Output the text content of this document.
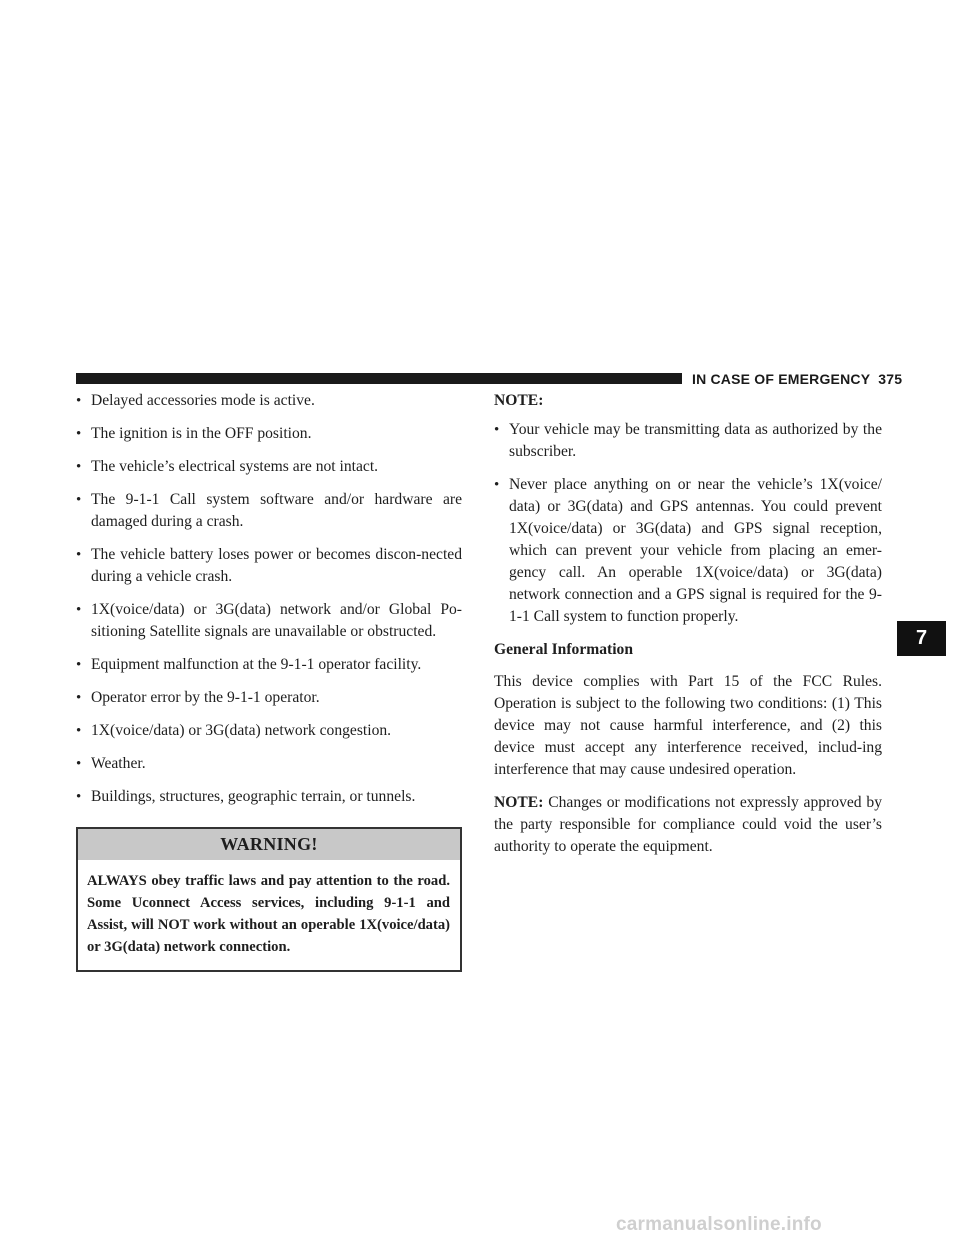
IN CASE OF EMERGENCY 375
• Delayed accessories mode is active.
• The ignition is in the OFF position.
• The vehicle’s electrical systems are not intact.
• The 9-1-1 Call system software and/or hardware are damaged during a crash.
• The vehicle battery loses power or becomes discon-nected during a vehicle crash.
• 1X(voice/data) or 3G(data) network and/or Global Po-sitioning Satellite signals are unavailable or obstructed.
• Equipment malfunction at the 9-1-1 operator facility.
• Operator error by the 9-1-1 operator.
• 1X(voice/data) or 3G(data) network congestion.
• Weather.
• Buildings, structures, geographic terrain, or tunnels.
WARNING!
ALWAYS obey traffic laws and pay attention to the road. Some Uconnect Access services, including 9-1-1 and Assist, will NOT work without an operable 1X(voice/data) or 3G(data) network connection.
NOTE:
• Your vehicle may be transmitting data as authorized by the subscriber.
• Never place anything on or near the vehicle’s 1X(voice/ data) or 3G(data) and GPS antennas. You could prevent 1X(voice/data) or 3G(data) and GPS signal reception, which can prevent your vehicle from placing an emer-gency call. An operable 1X(voice/data) or 3G(data) network connection and a GPS signal is required for the 9-1-1 Call system to function properly.
General Information

This device complies with Part 15 of the FCC Rules. Operation is subject to the following two conditions: (1) This device may not cause harmful interference, and (2) this device must accept any interference received, includ-ing interference that may cause undesired operation.

NOTE: Changes or modifications not expressly approved by the party responsible for compliance could void the user’s authority to operate the equipment.

7
carmanualsonline.info
